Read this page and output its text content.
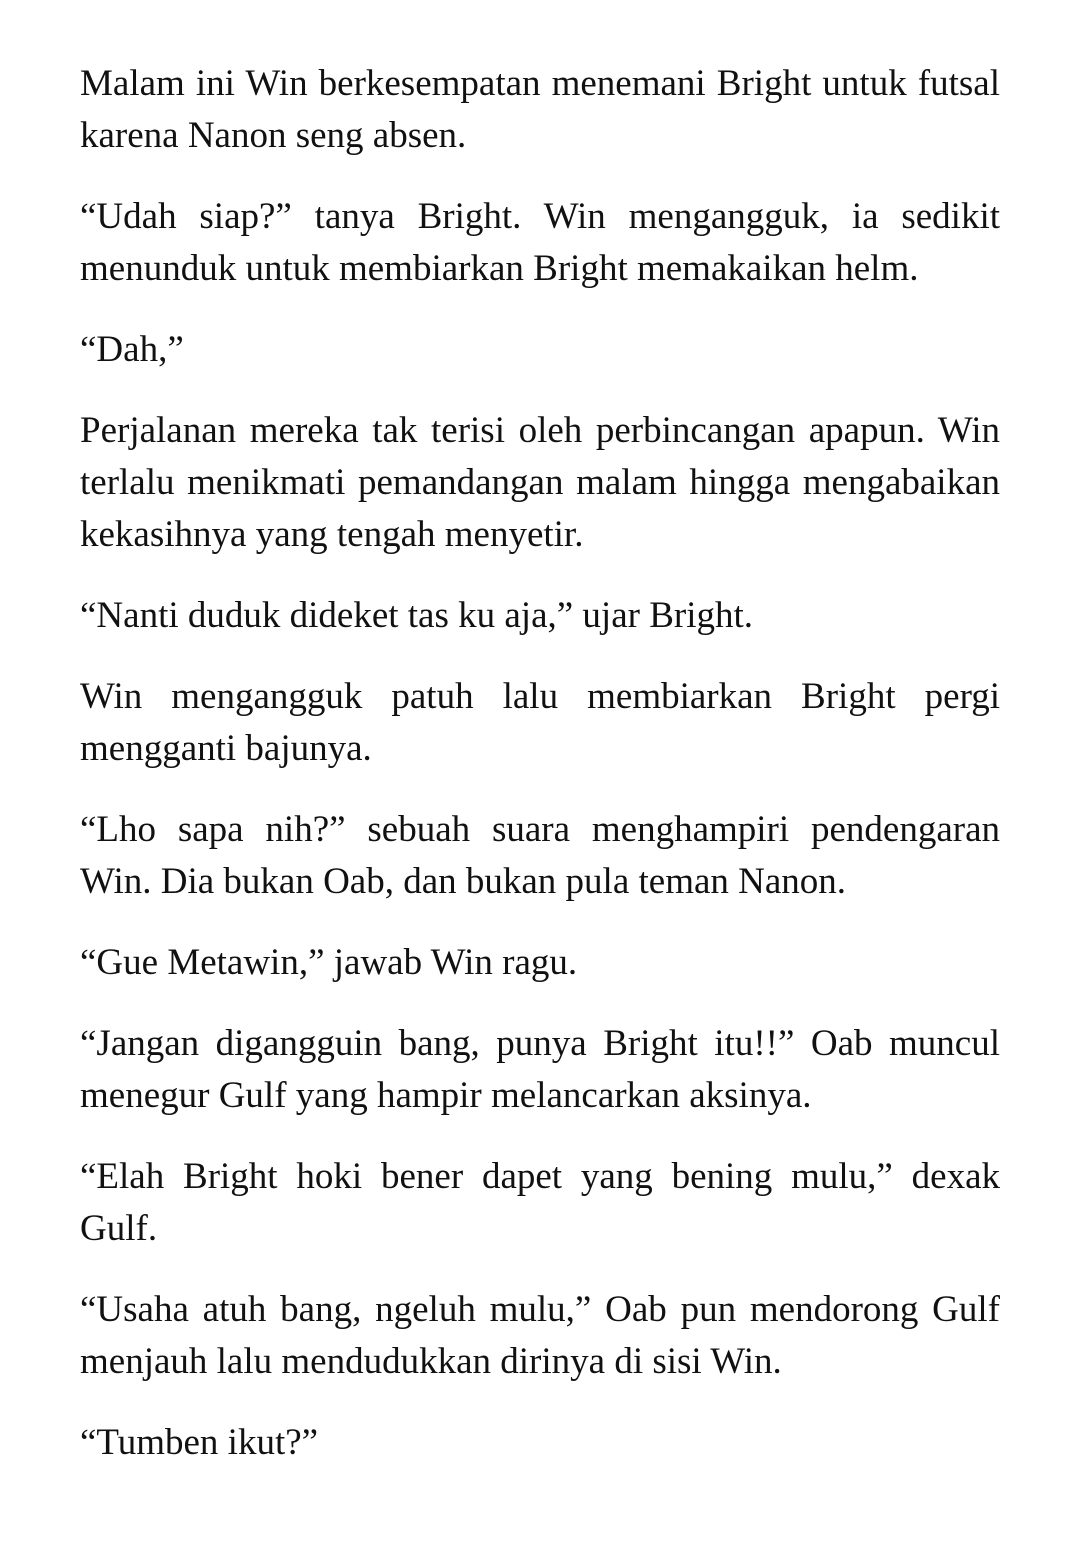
Malam ini Win berkesempatan menemani Bright untuk futsal karena Nanon seng absen.

“Udah siap?” tanya Bright. Win mengangguk, ia sedikit menunduk untuk membiarkan Bright memakaikan helm.

“Dah,”

Perjalanan mereka tak terisi oleh perbincangan apapun. Win terlalu menikmati pemandangan malam hingga mengabaikan kekasihnya yang tengah menyetir.

“Nanti duduk dideket tas ku aja,” ujar Bright.

Win mengangguk patuh lalu membiarkan Bright pergi mengganti bajunya.

“Lho sapa nih?” sebuah suara menghampiri pendengaran Win. Dia bukan Oab, dan bukan pula teman Nanon.

“Gue Metawin,” jawab Win ragu.

“Jangan digangguin bang, punya Bright itu!!” Oab muncul menegur Gulf yang hampir melancarkan aksinya.

“Elah Bright hoki bener dapet yang bening mulu,” dexak Gulf.

“Usaha atuh bang, ngeluh mulu,” Oab pun mendorong Gulf menjauh lalu mendudukkan dirinya di sisi Win.

“Tumben ikut?”
